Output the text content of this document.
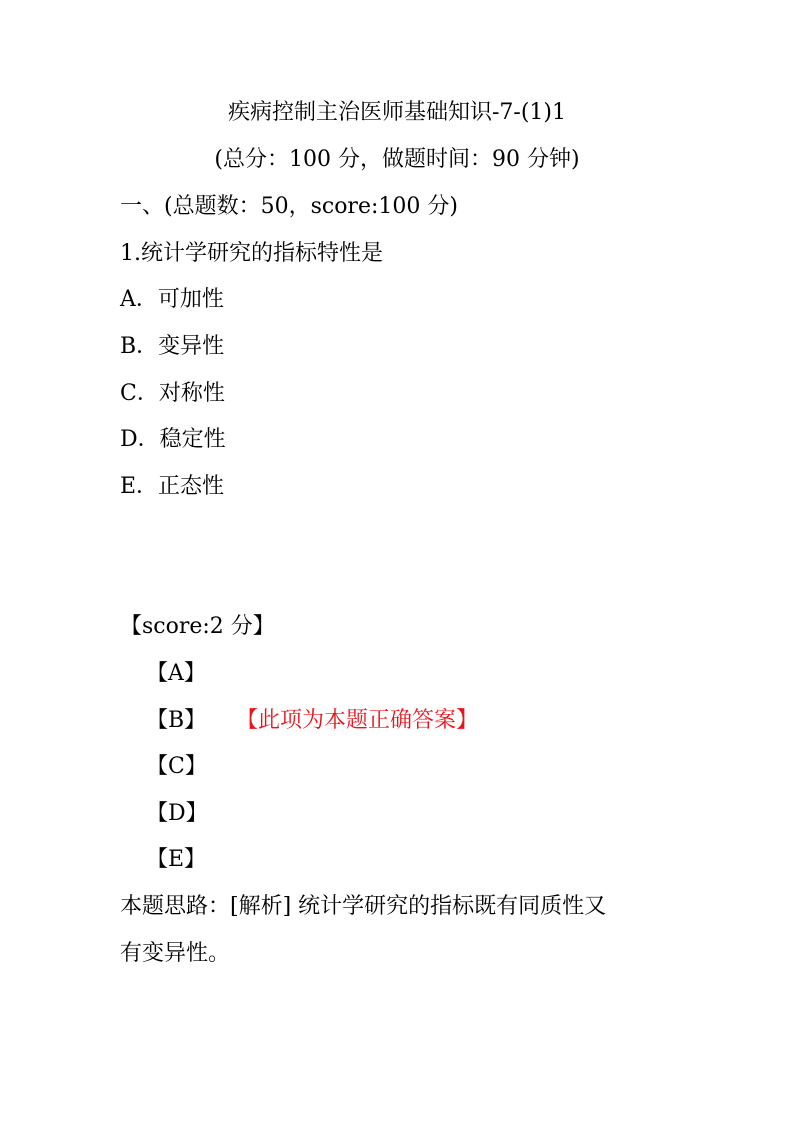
疾病控制主治医师基础知识-7-(1)1
(总分：100 分，做题时间：90 分钟)
一、(总题数：50，score:100 分)
1.统计学研究的指标特性是
A．可加性
B．变异性
C．对称性
D．稳定性
E．正态性
【score:2 分】
【A】
【B】 【此项为本题正确答案】
【C】
【D】
【E】
本题思路：[解析] 统计学研究的指标既有同质性又
有变异性。
